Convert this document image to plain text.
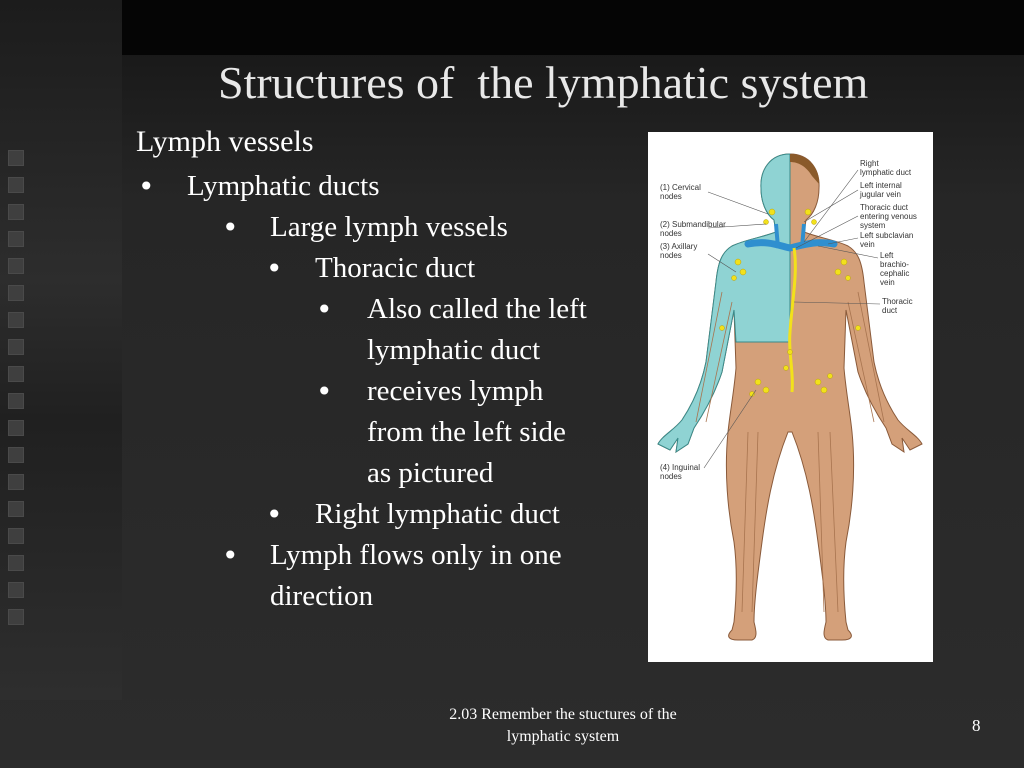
Structures of  the lymphatic system
Lymph vessels
• Lymphatic ducts
• Large lymph vessels
• Thoracic duct
• Also called the left
lymphatic duct
• receives lymph
from the left side
as pictured
• Right lymphatic duct
• Lymph flows only in one
direction
(1) Cervical nodes
(2) Submandibular nodes
(3) Axillary nodes
(4) Inguinal nodes
Right lymphatic duct
Left internal jugular vein
Thoracic duct entering venous system
Left subclavian vein
Left brachio-cephalic vein
Thoracic duct
2.03 Remember the stuctures of the
lymphatic system
8
